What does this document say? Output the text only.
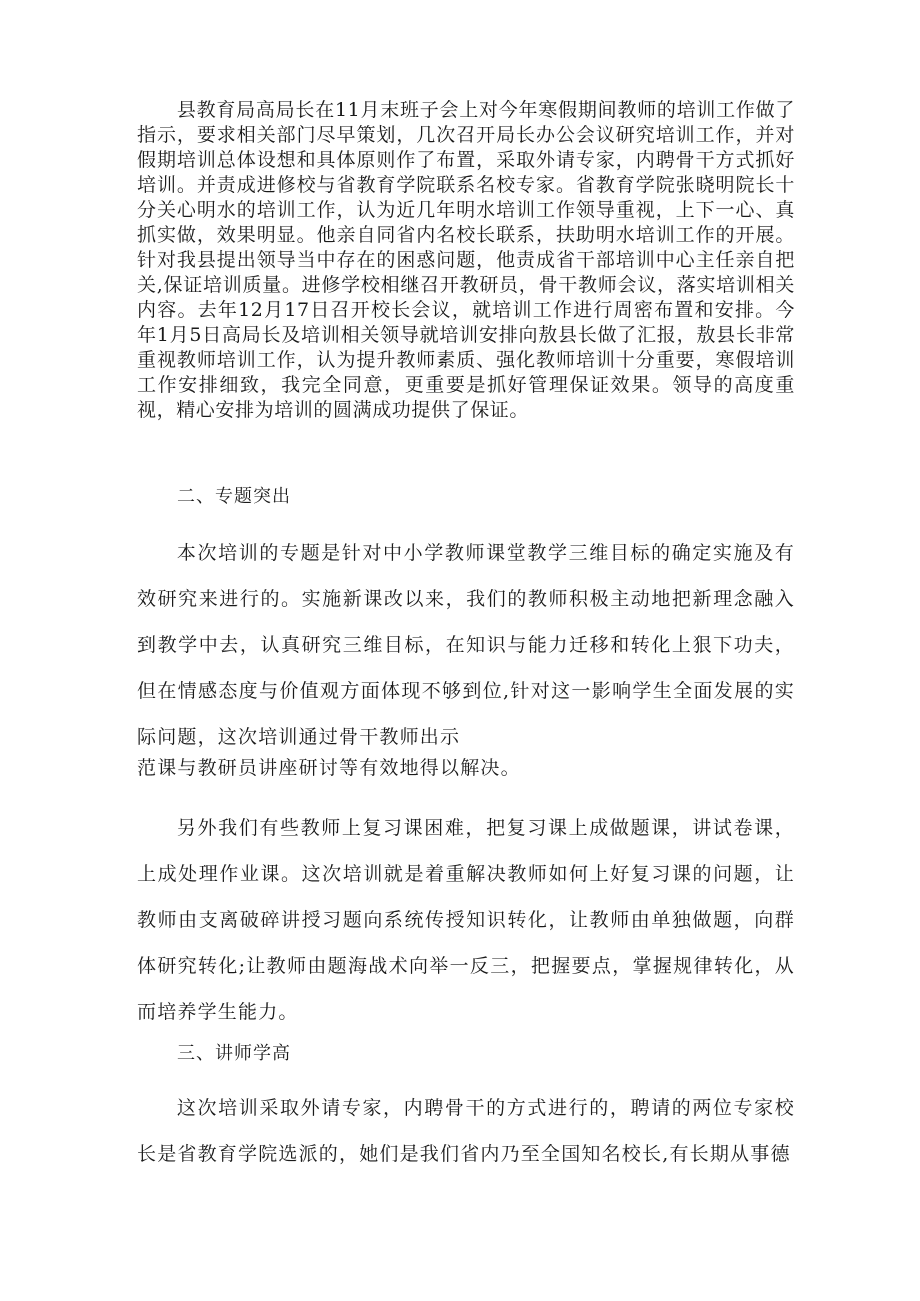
县教育局高局长在11月末班子会上对今年寒假期间教师的培训工作做了指示，要求相关部门尽早策划，几次召开局长办公会议研究培训工作，并对假期培训总体设想和具体原则作了布置，采取外请专家，内聘骨干方式抓好培训。并责成进修校与省教育学院联系名校专家。省教育学院张晓明院长十分关心明水的培训工作，认为近几年明水培训工作领导重视，上下一心、真抓实做，效果明显。他亲自同省内名校长联系，扶助明水培训工作的开展。针对我县提出领导当中存在的困惑问题，他责成省干部培训中心主任亲自把关,保证培训质量。进修学校相继召开教研员，骨干教师会议，落实培训相关内容。去年12月17日召开校长会议，就培训工作进行周密布置和安排。今年1月5日高局长及培训相关领导就培训安排向敖县长做了汇报，敖县长非常重视教师培训工作，认为提升教师素质、强化教师培训十分重要，寒假培训工作安排细致，我完全同意，更重要是抓好管理保证效果。领导的高度重视，精心安排为培训的圆满成功提供了保证。

二、专题突出

本次培训的专题是针对中小学教师课堂教学三维目标的确定实施及有效研究来进行的。实施新课改以来，我们的教师积极主动地把新理念融入到教学中去，认真研究三维目标，在知识与能力迁移和转化上狠下功夫，但在情感态度与价值观方面体现不够到位,针对这一影响学生全面发展的实际问题，这次培训通过骨干教师出示

范课与教研员讲座研讨等有效地得以解决。

另外我们有些教师上复习课困难，把复习课上成做题课，讲试卷课，上成处理作业课。这次培训就是着重解决教师如何上好复习课的问题，让教师由支离破碎讲授习题向系统传授知识转化，让教师由单独做题，向群体研究转化;让教师由题海战术向举一反三，把握要点，掌握规律转化，从而培养学生能力。

三、讲师学高

这次培训采取外请专家，内聘骨干的方式进行的，聘请的两位专家校长是省教育学院选派的，她们是我们省内乃至全国知名校长,有长期从事德
